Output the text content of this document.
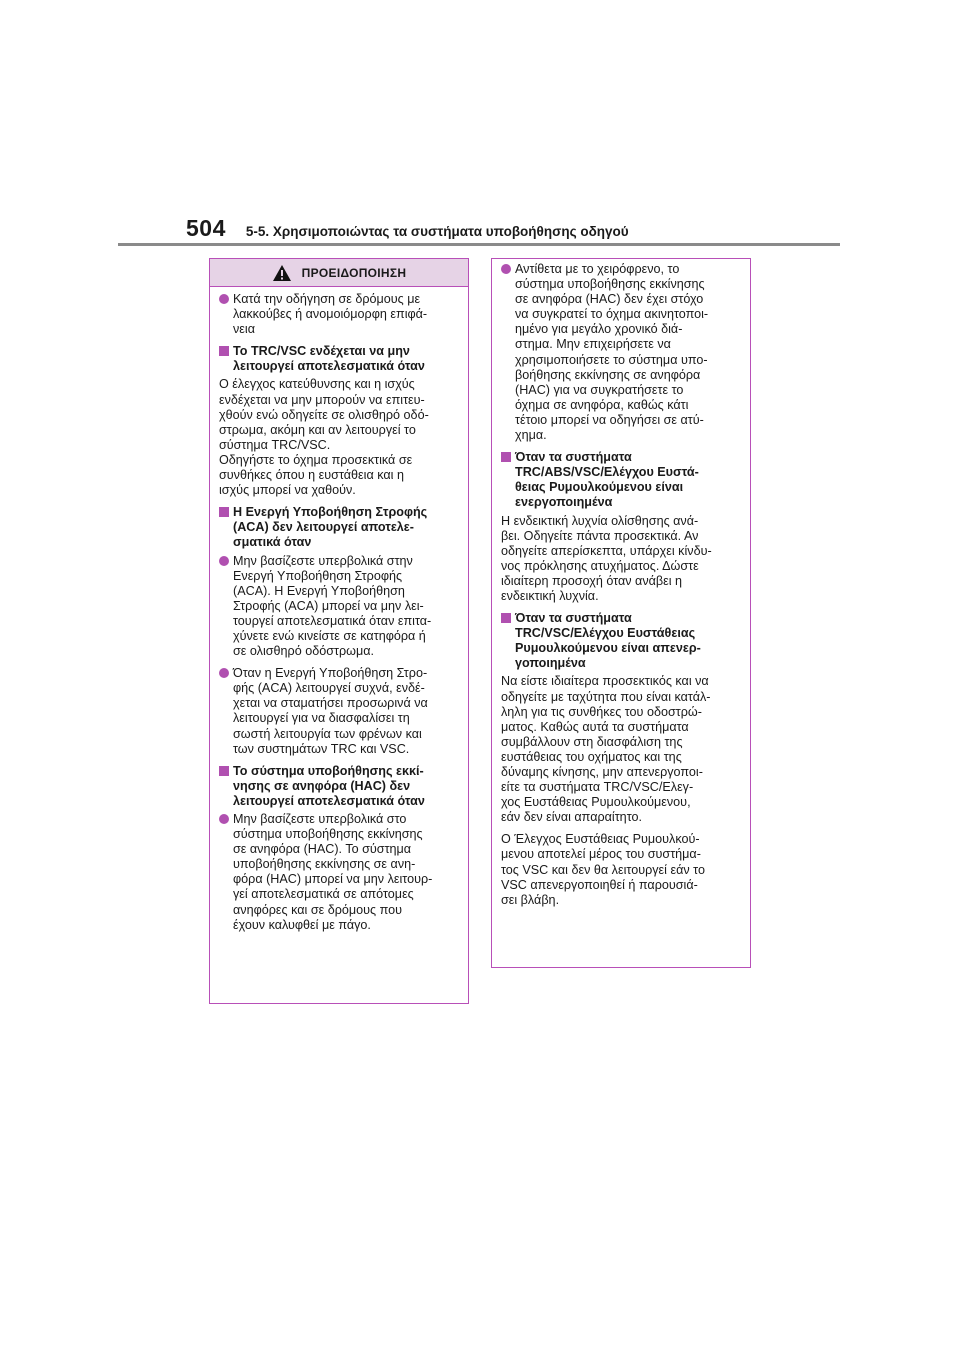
504 5-5. Χρησιμοποιώντας τα συστήματα υποβοήθησης οδηγού
ΠΡΟΕΙΔΟΠΟΙΗΣΗ
Κατά την οδήγηση σε δρόμους με
λακκούβες ή ανομοιόμορφη επιφά-
νεια
Το TRC/VSC ενδέχεται να μην
λειτουργεί αποτελεσματικά όταν
Ο έλεγχος κατεύθυνσης και η ισχύς
ενδέχεται να μην μπορούν να επιτευ-
χθούν ενώ οδηγείτε σε ολισθηρό οδό-
στρωμα, ακόμη και αν λειτουργεί το
σύστημα TRC/VSC.
Οδηγήστε το όχημα προσεκτικά σε
συνθήκες όπου η ευστάθεια και η
ισχύς μπορεί να χαθούν.
Η Ενεργή Υποβοήθηση Στροφής
(ACA) δεν λειτουργεί αποτελε-
σματικά όταν
Μην βασίζεστε υπερβολικά στην
Ενεργή Υποβοήθηση Στροφής
(ACA). Η Ενεργή Υποβοήθηση
Στροφής (ACA) μπορεί να μην λει-
τουργεί αποτελεσματικά όταν επιτα-
χύνετε ενώ κινείστε σε κατηφόρα ή
σε ολισθηρό οδόστρωμα.
Όταν η Ενεργή Υποβοήθηση Στρο-
φής (ACA) λειτουργεί συχνά, ενδέ-
χεται να σταματήσει προσωρινά να
λειτουργεί για να διασφαλίσει τη
σωστή λειτουργία των φρένων και
των συστημάτων TRC και VSC.
Το σύστημα υποβοήθησης εκκί-
νησης σε ανηφόρα (HAC) δεν
λειτουργεί αποτελεσματικά όταν
Μην βασίζεστε υπερβολικά στο
σύστημα υποβοήθησης εκκίνησης
σε ανηφόρα (HAC). Το σύστημα
υποβοήθησης εκκίνησης σε ανη-
φόρα (HAC) μπορεί να μην λειτουρ-
γεί αποτελεσματικά σε απότομες
ανηφόρες και σε δρόμους που
έχουν καλυφθεί με πάγο.
Αντίθετα με το χειρόφρενο, το
σύστημα υποβοήθησης εκκίνησης
σε ανηφόρα (HAC) δεν έχει στόχο
να συγκρατεί το όχημα ακινητοποι-
ημένο για μεγάλο χρονικό διά-
στημα. Μην επιχειρήσετε να
χρησιμοποιήσετε το σύστημα υπο-
βοήθησης εκκίνησης σε ανηφόρα
(HAC) για να συγκρατήσετε το
όχημα σε ανηφόρα, καθώς κάτι
τέτοιο μπορεί να οδηγήσει σε ατύ-
χημα.
Όταν τα συστήματα
TRC/ABS/VSC/Ελέγχου Ευστά-
θειας Ρυμουλκούμενου είναι
ενεργοποιημένα
Η ενδεικτική λυχνία ολίσθησης ανά-
βει. Οδηγείτε πάντα προσεκτικά. Αν
οδηγείτε απερίσκεπτα, υπάρχει κίνδυ-
νος πρόκλησης ατυχήματος. Δώστε
ιδιαίτερη προσοχή όταν ανάβει η
ενδεικτική λυχνία.
Όταν τα συστήματα
TRC/VSC/Ελέγχου Ευστάθειας
Ρυμουλκούμενου είναι απενερ-
γοποιημένα
Να είστε ιδιαίτερα προσεκτικός και να
οδηγείτε με ταχύτητα που είναι κατάλ-
ληλη για τις συνθήκες του οδοστρώ-
ματος. Καθώς αυτά τα συστήματα
συμβάλλουν στη διασφάλιση της
ευστάθειας του οχήματος και της
δύναμης κίνησης, μην απενεργοποι-
είτε τα συστήματα TRC/VSC/Ελεγ-
χος Ευστάθειας Ρυμουλκούμενου,
εάν δεν είναι απαραίτητο.
Ο Έλεγχος Ευστάθειας Ρυμουλκού-
μενου αποτελεί μέρος του συστήμα-
τος VSC και δεν θα λειτουργεί εάν το
VSC απενεργοποιηθεί ή παρουσιά-
σει βλάβη.
